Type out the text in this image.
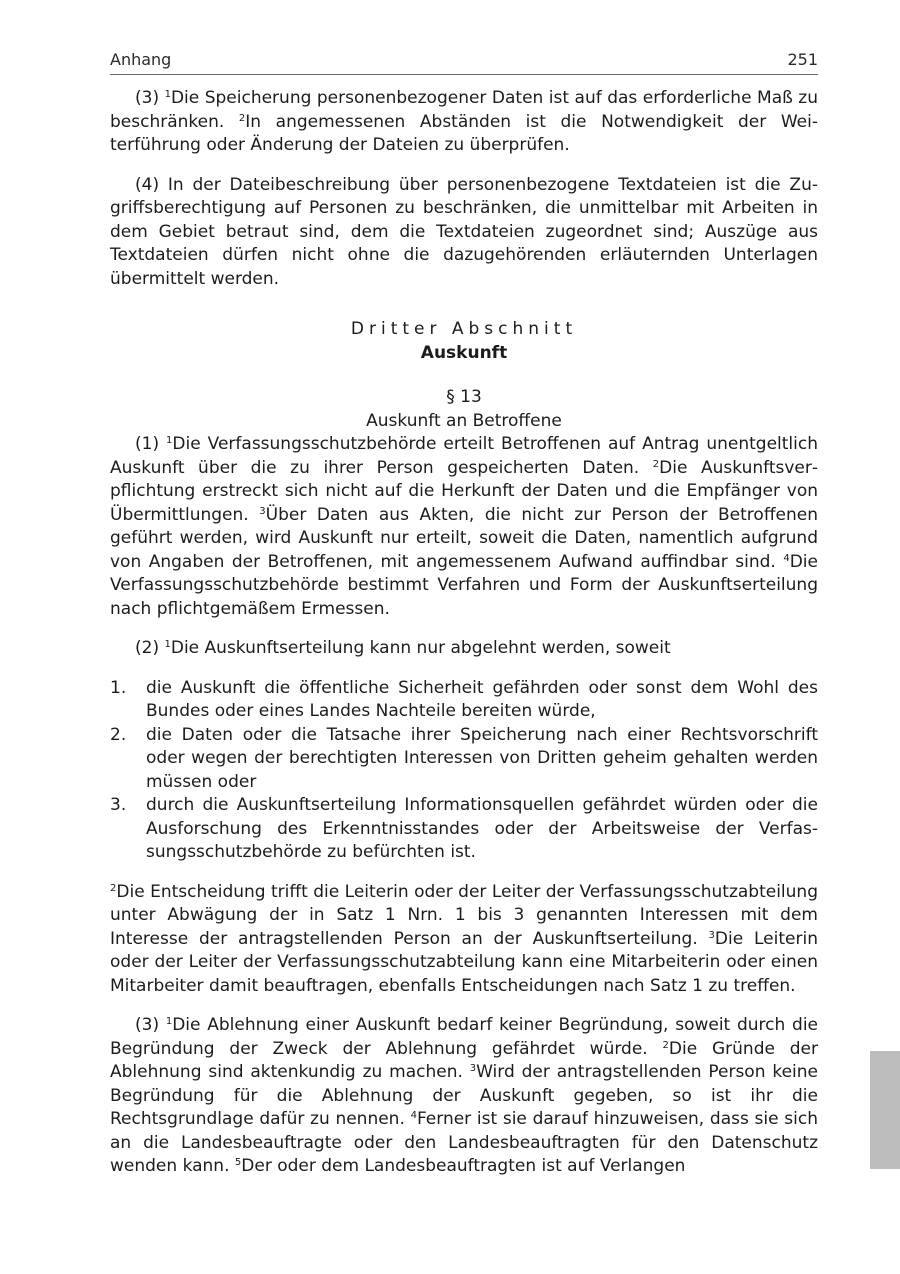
Anhang	251

(3) $^1$Die Speicherung personenbezogener Daten ist auf das erforderliche Maß zu beschränken. $^2$In angemessenen Abständen ist die Notwendigkeit der Weiterführung oder Änderung der Dateien zu überprüfen.

(4) In der Dateibeschreibung über personenbezogene Textdateien ist die Zugriffsberechtigung auf Personen zu beschränken, die unmittelbar mit Arbeiten in dem Gebiet betraut sind, dem die Textdateien zugeordnet sind; Auszüge aus Textdateien dürfen nicht ohne die dazugehörenden erläuternden Unterlagen übermittelt werden.

Dritter Abschnitt
Auskunft
§ 13
Auskunft an Betroffene

(1) $^1$Die Verfassungsschutzbehörde erteilt Betroffenen auf Antrag unentgeltlich Auskunft über die zu ihrer Person gespeicherten Daten. $^2$Die Auskunftsverpflichtung erstreckt sich nicht auf die Herkunft der Daten und die Empfänger von Übermittlungen. $^3$Über Daten aus Akten, die nicht zur Person der Betroffenen geführt werden, wird Auskunft nur erteilt, soweit die Daten, namentlich aufgrund von Angaben der Betroffenen, mit angemessenem Aufwand auffindbar sind. $^4$Die Verfassungsschutzbehörde bestimmt Verfahren und Form der Auskunftserteilung nach pflichtgemäßem Ermessen.

(2) $^1$Die Auskunftserteilung kann nur abgelehnt werden, soweit

1.	die Auskunft die öffentliche Sicherheit gefährden oder sonst dem Wohl des Bundes oder eines Landes Nachteile bereiten würde,
2.	die Daten oder die Tatsache ihrer Speicherung nach einer Rechtsvorschrift oder wegen der berechtigten Interessen von Dritten geheim gehalten werden müssen oder
3.	durch die Auskunftserteilung Informationsquellen gefährdet würden oder die Ausforschung des Erkenntnisstandes oder der Arbeitsweise der Verfassungsschutzbehörde zu befürchten ist.

$^2$Die Entscheidung trifft die Leiterin oder der Leiter der Verfassungsschutzabteilung unter Abwägung der in Satz 1 Nrn. 1 bis 3 genannten Interessen mit dem Interesse der antragstellenden Person an der Auskunftserteilung. $^3$Die Leiterin oder der Leiter der Verfassungsschutzabteilung kann eine Mitarbeiterin oder einen Mitarbeiter damit beauftragen, ebenfalls Entscheidungen nach Satz 1 zu treffen.

(3) $^1$Die Ablehnung einer Auskunft bedarf keiner Begründung, soweit durch die Begründung der Zweck der Ablehnung gefährdet würde. $^2$Die Gründe der Ablehnung sind aktenkundig zu machen. $^3$Wird der antragstellenden Person keine Begründung für die Ablehnung der Auskunft gegeben, so ist ihr die Rechtsgrundlage dafür zu nennen. $^4$Ferner ist sie darauf hinzuweisen, dass sie sich an die Landesbeauftragte oder den Landesbeauftragten für den Datenschutz wenden kann. $^5$Der oder dem Landesbeauftragten ist auf Verlangen
